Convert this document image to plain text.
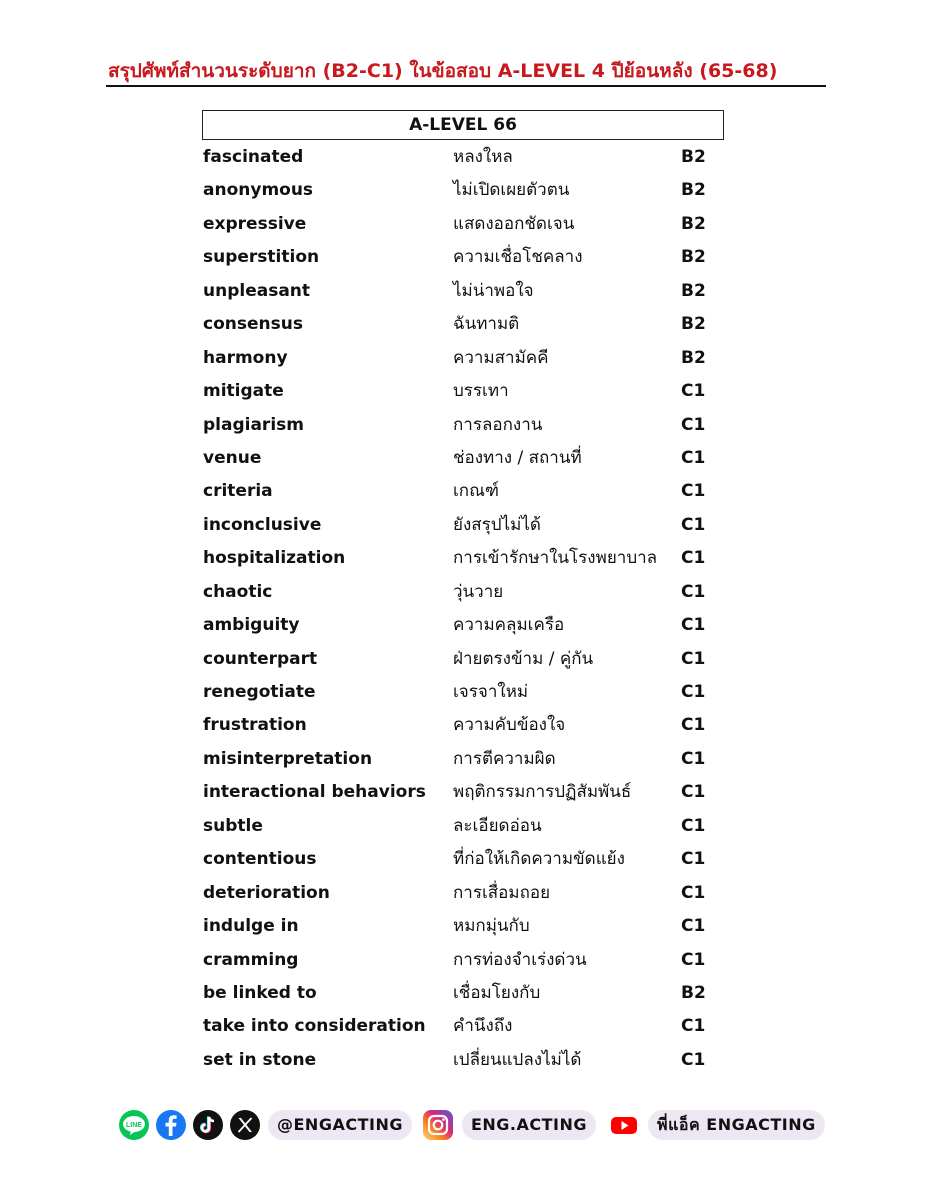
สรุปศัพท์สำนวนระดับยาก (B2-C1) ในข้อสอบ A-LEVEL 4 ปีย้อนหลัง (65-68)
A-LEVEL 66
fascinated	หลงใหล	B2
anonymous	ไม่เปิดเผยตัวตน	B2
expressive	แสดงออกชัดเจน	B2
superstition	ความเชื่อโชคลาง	B2
unpleasant	ไม่น่าพอใจ	B2
consensus	ฉันทามติ	B2
harmony	ความสามัคคี	B2
mitigate	บรรเทา	C1
plagiarism	การลอกงาน	C1
venue	ช่องทาง / สถานที่	C1
criteria	เกณฑ์	C1
inconclusive	ยังสรุปไม่ได้	C1
hospitalization	การเข้ารักษาในโรงพยาบาล C1
chaotic	วุ่นวาย	C1
ambiguity	ความคลุมเครือ	C1
counterpart	ฝ่ายตรงข้าม / คู่กัน	C1
renegotiate	เจรจาใหม่	C1
frustration	ความคับข้องใจ	C1
misinterpretation	การตีความผิด	C1
interactional behaviors พฤติกรรมการปฏิสัมพันธ์	C1
subtle	ละเอียดอ่อน	C1
contentious	ที่ก่อให้เกิดความขัดแย้ง	C1
deterioration	การเสื่อมถอย	C1
indulge in	หมกมุ่นกับ	C1
cramming	การท่องจำเร่งด่วน	C1
be linked to	เชื่อมโยงกับ	B2
take into consideration คำนึงถึง	C1
set in stone	เปลี่ยนแปลงไม่ได้	C1
LINE	@ENGACTING	ENG.ACTING	พี่แอ็ค ENGACTING
